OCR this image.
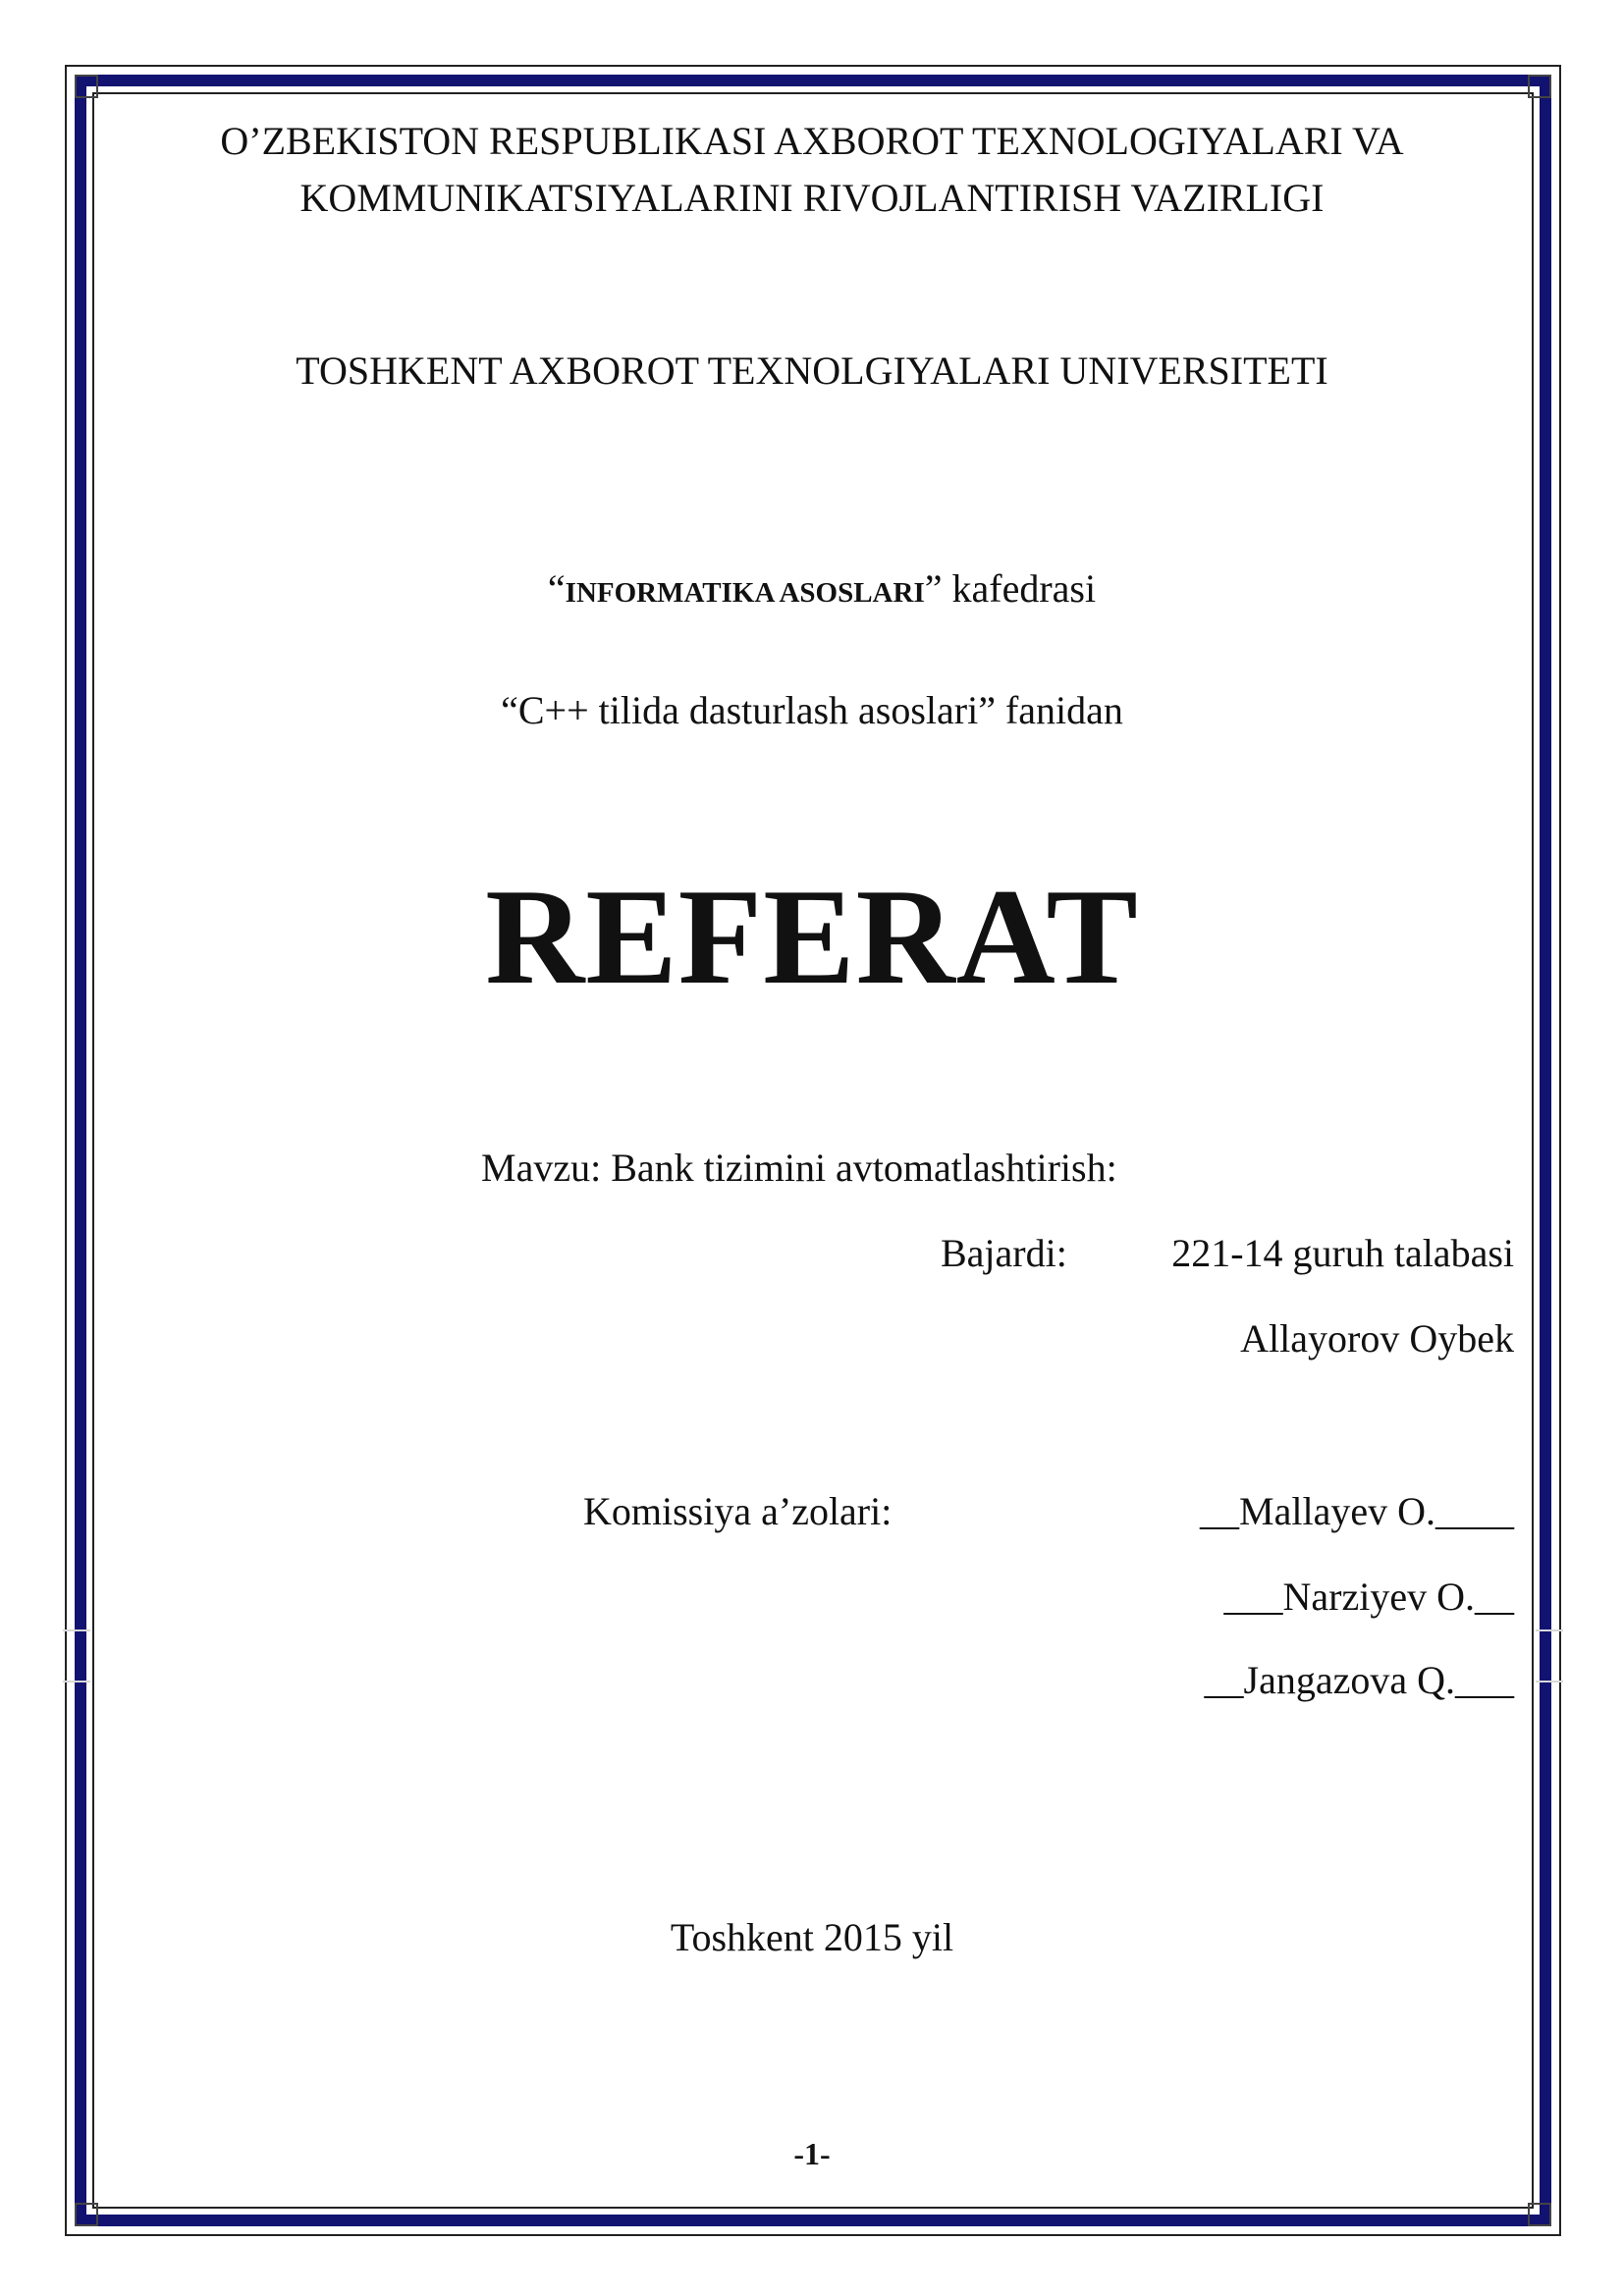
O’ZBEKISTON RESPUBLIKASI AXBOROT TEXNOLOGIYALARI VA
KOMMUNIKATSIYALARINI RIVOJLANTIRISH VAZIRLIGI
TOSHKENT AXBOROT TEXNOLGIYALARI UNIVERSITETI

“INFORMATIKA ASOSLARI” kafedrasi

“C++ tilida dasturlash asoslari” fanidan
REFERAT
Mavzu: Bank tizimini avtomatlashtirish:
Bajardi:	221-14 guruh talabasi
Allayorov Oybek
Komissiya a’zolari:	__Mallayev O.____
___Narziyev O.__
__Jangazova Q.___
Toshkent 2015 yil
-1-
